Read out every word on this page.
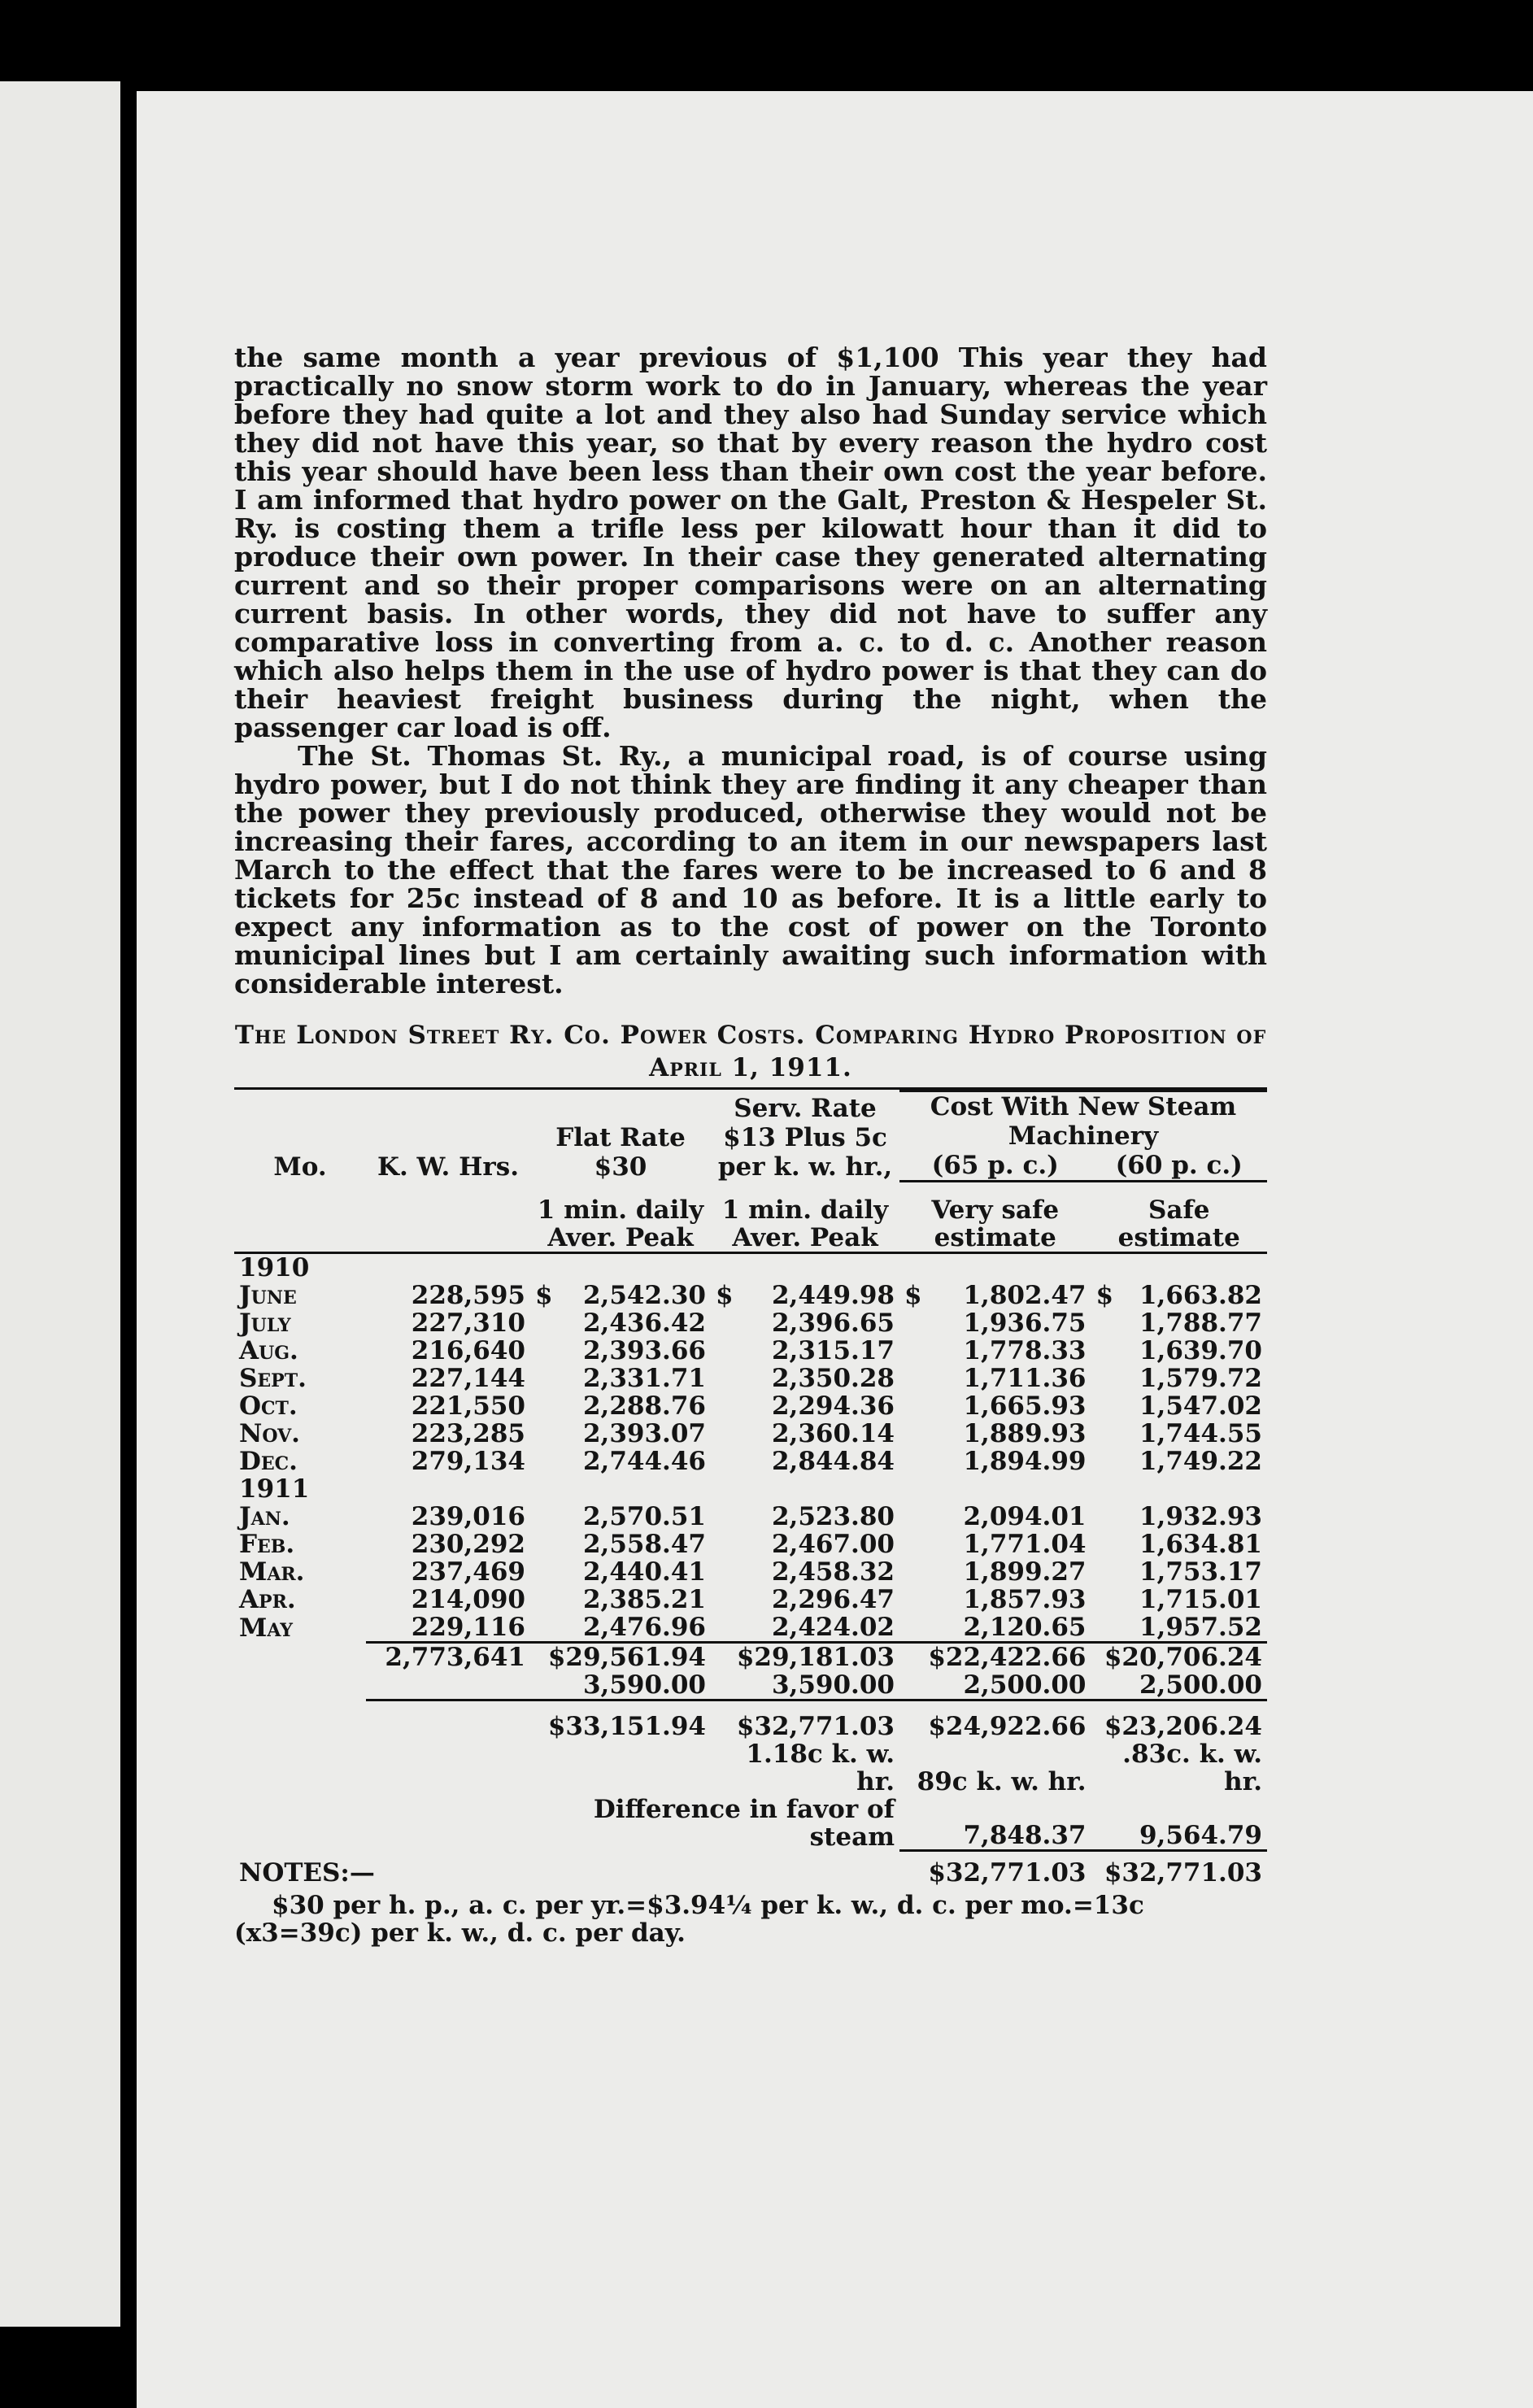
the same month a year previous of $1,100 This year they had practically no snow storm work to do in January, whereas the year before they had quite a lot and they also had Sunday service which they did not have this year, so that by every reason the hydro cost this year should have been less than their own cost the year before. I am informed that hydro power on the Galt, Preston & Hespeler St. Ry. is costing them a trifle less per kilowatt hour than it did to produce their own power. In their case they generated alternating current and so their proper comparisons were on an alternating current basis. In other words, they did not have to suffer any comparative loss in converting from a. c. to d. c. Another reason which also helps them in the use of hydro power is that they can do their heaviest freight business during the night, when the passenger car load is off.

The St. Thomas St. Ry., a municipal road, is of course using hydro power, but I do not think they are finding it any cheaper than the power they previously produced, otherwise they would not be increasing their fares, according to an item in our newspapers last March to the effect that the fares were to be increased to 6 and 8 tickets for 25c instead of 8 and 10 as before. It is a little early to expect any information as to the cost of power on the Toronto municipal lines but I am certainly awaiting such information with considerable interest.

The London Street Ry. Co. Power Costs. Comparing Hydro Proposition of April 1, 1911.
Mo.	K. W. Hrs.	Flat Rate $30	Serv. Rate $13 Plus 5c per k. w. hr.,	Cost With New Steam Machinery	
				(65 p. c.)	(60 p. c.)
		1 min. daily Aver. Peak	1 min. daily Aver. Peak	Very safe estimate	Safe estimate
1910					
June	228,595	$ 2,542.30	$ 2,449.98	$ 1,802.47	$ 1,663.82
July	227,310	2,436.42	2,396.65	1,936.75	1,788.77
Aug.	216,640	2,393.66	2,315.17	1,778.33	1,639.70
Sept.	227,144	2,331.71	2,350.28	1,711.36	1,579.72
Oct.	221,550	2,288.76	2,294.36	1,665.93	1,547.02
Nov.	223,285	2,393.07	2,360.14	1,889.93	1,744.55
Dec.	279,134	2,744.46	2,844.84	1,894.99	1,749.22
1911					
Jan.	239,016	2,570.51	2,523.80	2,094.01	1,932.93
Feb.	230,292	2,558.47	2,467.00	1,771.04	1,634.81
Mar.	237,469	2,440.41	2,458.32	1,899.27	1,753.17
Apr.	214,090	2,385.21	2,296.47	1,857.93	1,715.01
May	229,116	2,476.96	2,424.02	2,120.65	1,957.52
	2,773,641	$29,561.94	$29,181.03	$22,422.66	$20,706.24
		3,590.00	3,590.00	2,500.00	2,500.00
		$33,151.94	$32,771.03	$24,922.66	$23,206.24
			1.18c k. w. hr.	89c k. w. hr.	.83c. k. w. hr.
		Difference in favor of steam		7,848.37	9,564.79
NOTES:—				$32,771.03	$32,771.03
$30 per h. p., a. c. per yr.=$3.94¼ per k. w., d. c. per mo.=13c (x3=39c) per k. w., d. c. per day.
